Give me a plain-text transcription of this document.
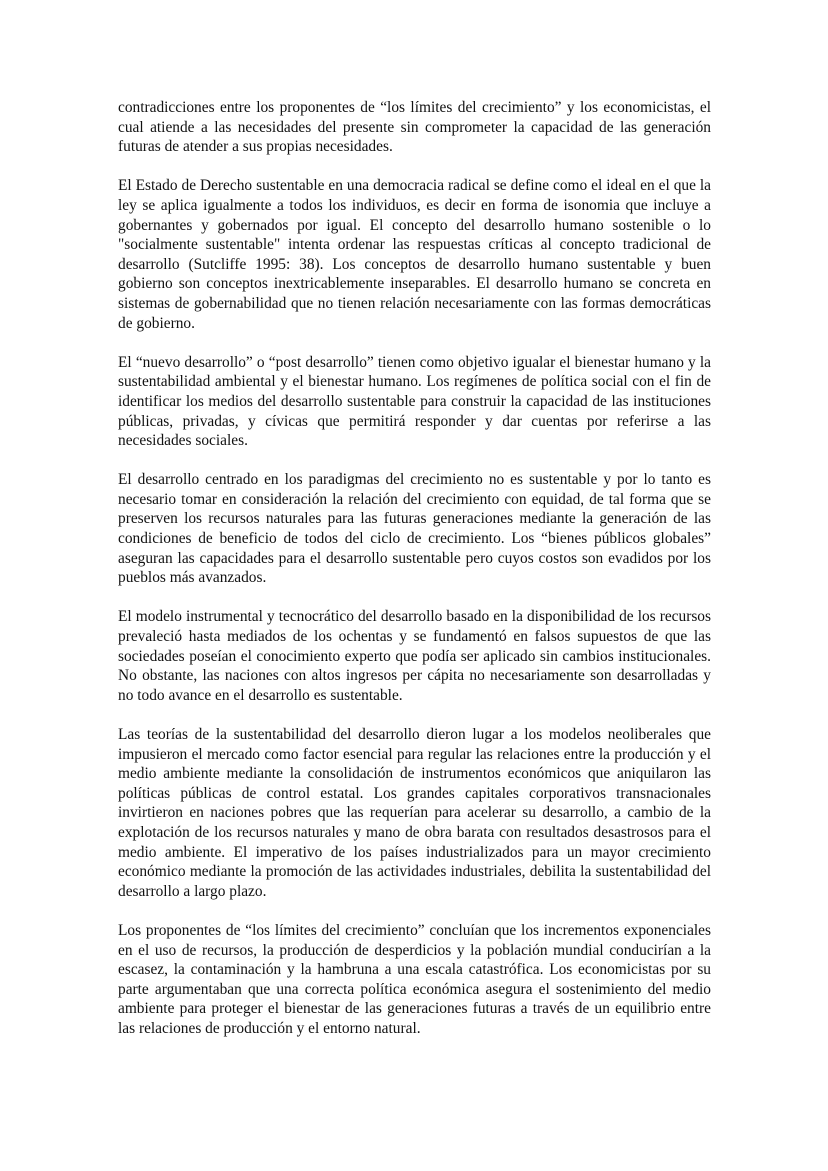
contradicciones entre los proponentes de “los límites del crecimiento” y los economicistas, el cual atiende a las necesidades del presente sin comprometer la capacidad de las generación futuras de atender a sus propias necesidades.

El Estado de Derecho sustentable en una democracia radical se define como el ideal en el que la ley se aplica igualmente a todos los individuos, es decir en forma de isonomia que incluye a gobernantes y gobernados por igual. El concepto del desarrollo humano sostenible o lo "socialmente sustentable" intenta ordenar las respuestas críticas al concepto tradicional de desarrollo (Sutcliffe 1995: 38). Los conceptos de desarrollo humano sustentable y buen gobierno son conceptos inextricablemente inseparables. El desarrollo humano se concreta en sistemas de gobernabilidad que no tienen relación necesariamente con las formas democráticas de gobierno.

El “nuevo desarrollo” o “post desarrollo” tienen como objetivo igualar el bienestar humano y la sustentabilidad ambiental y el bienestar humano. Los regímenes de política social con el fin de identificar los medios del desarrollo sustentable para construir la capacidad de las instituciones públicas, privadas, y cívicas que permitirá responder y dar cuentas por referirse a las necesidades sociales.

El desarrollo centrado en los paradigmas del crecimiento no es sustentable y por lo tanto es necesario tomar en consideración la relación del crecimiento con equidad, de tal forma que se preserven los recursos naturales para las futuras generaciones mediante la generación de las condiciones de beneficio de todos del ciclo de crecimiento. Los “bienes públicos globales” aseguran las capacidades para el desarrollo sustentable pero cuyos costos son evadidos por los pueblos más avanzados.

El modelo instrumental y tecnocrático del desarrollo basado en la disponibilidad de los recursos prevaleció hasta mediados de los ochentas y se fundamentó en falsos supuestos de que las sociedades poseían el conocimiento experto que podía ser aplicado sin cambios institucionales. No obstante, las naciones con altos ingresos per cápita no necesariamente son desarrolladas y no todo avance en el desarrollo es sustentable.

Las teorías de la sustentabilidad del desarrollo dieron lugar a los modelos neoliberales que impusieron el mercado como factor esencial para regular las relaciones entre la producción y el medio ambiente mediante la consolidación de instrumentos económicos que aniquilaron las políticas públicas de control estatal. Los grandes capitales corporativos transnacionales invirtieron en naciones pobres que las requerían para acelerar su desarrollo, a cambio de la explotación de los recursos naturales y mano de obra barata con resultados desastrosos para el medio ambiente. El imperativo de los países industrializados para un mayor crecimiento económico mediante la promoción de las actividades industriales, debilita la sustentabilidad del desarrollo a largo plazo.

Los proponentes de “los límites del crecimiento” concluían que los incrementos exponenciales en el uso de recursos, la producción de desperdicios y la población mundial conducirían a la escasez, la contaminación y la hambruna a una escala catastrófica. Los economicistas por su parte argumentaban que una correcta política económica asegura el sostenimiento del medio ambiente para proteger el bienestar de las generaciones futuras a través de un equilibrio entre las relaciones de producción y el entorno natural.
